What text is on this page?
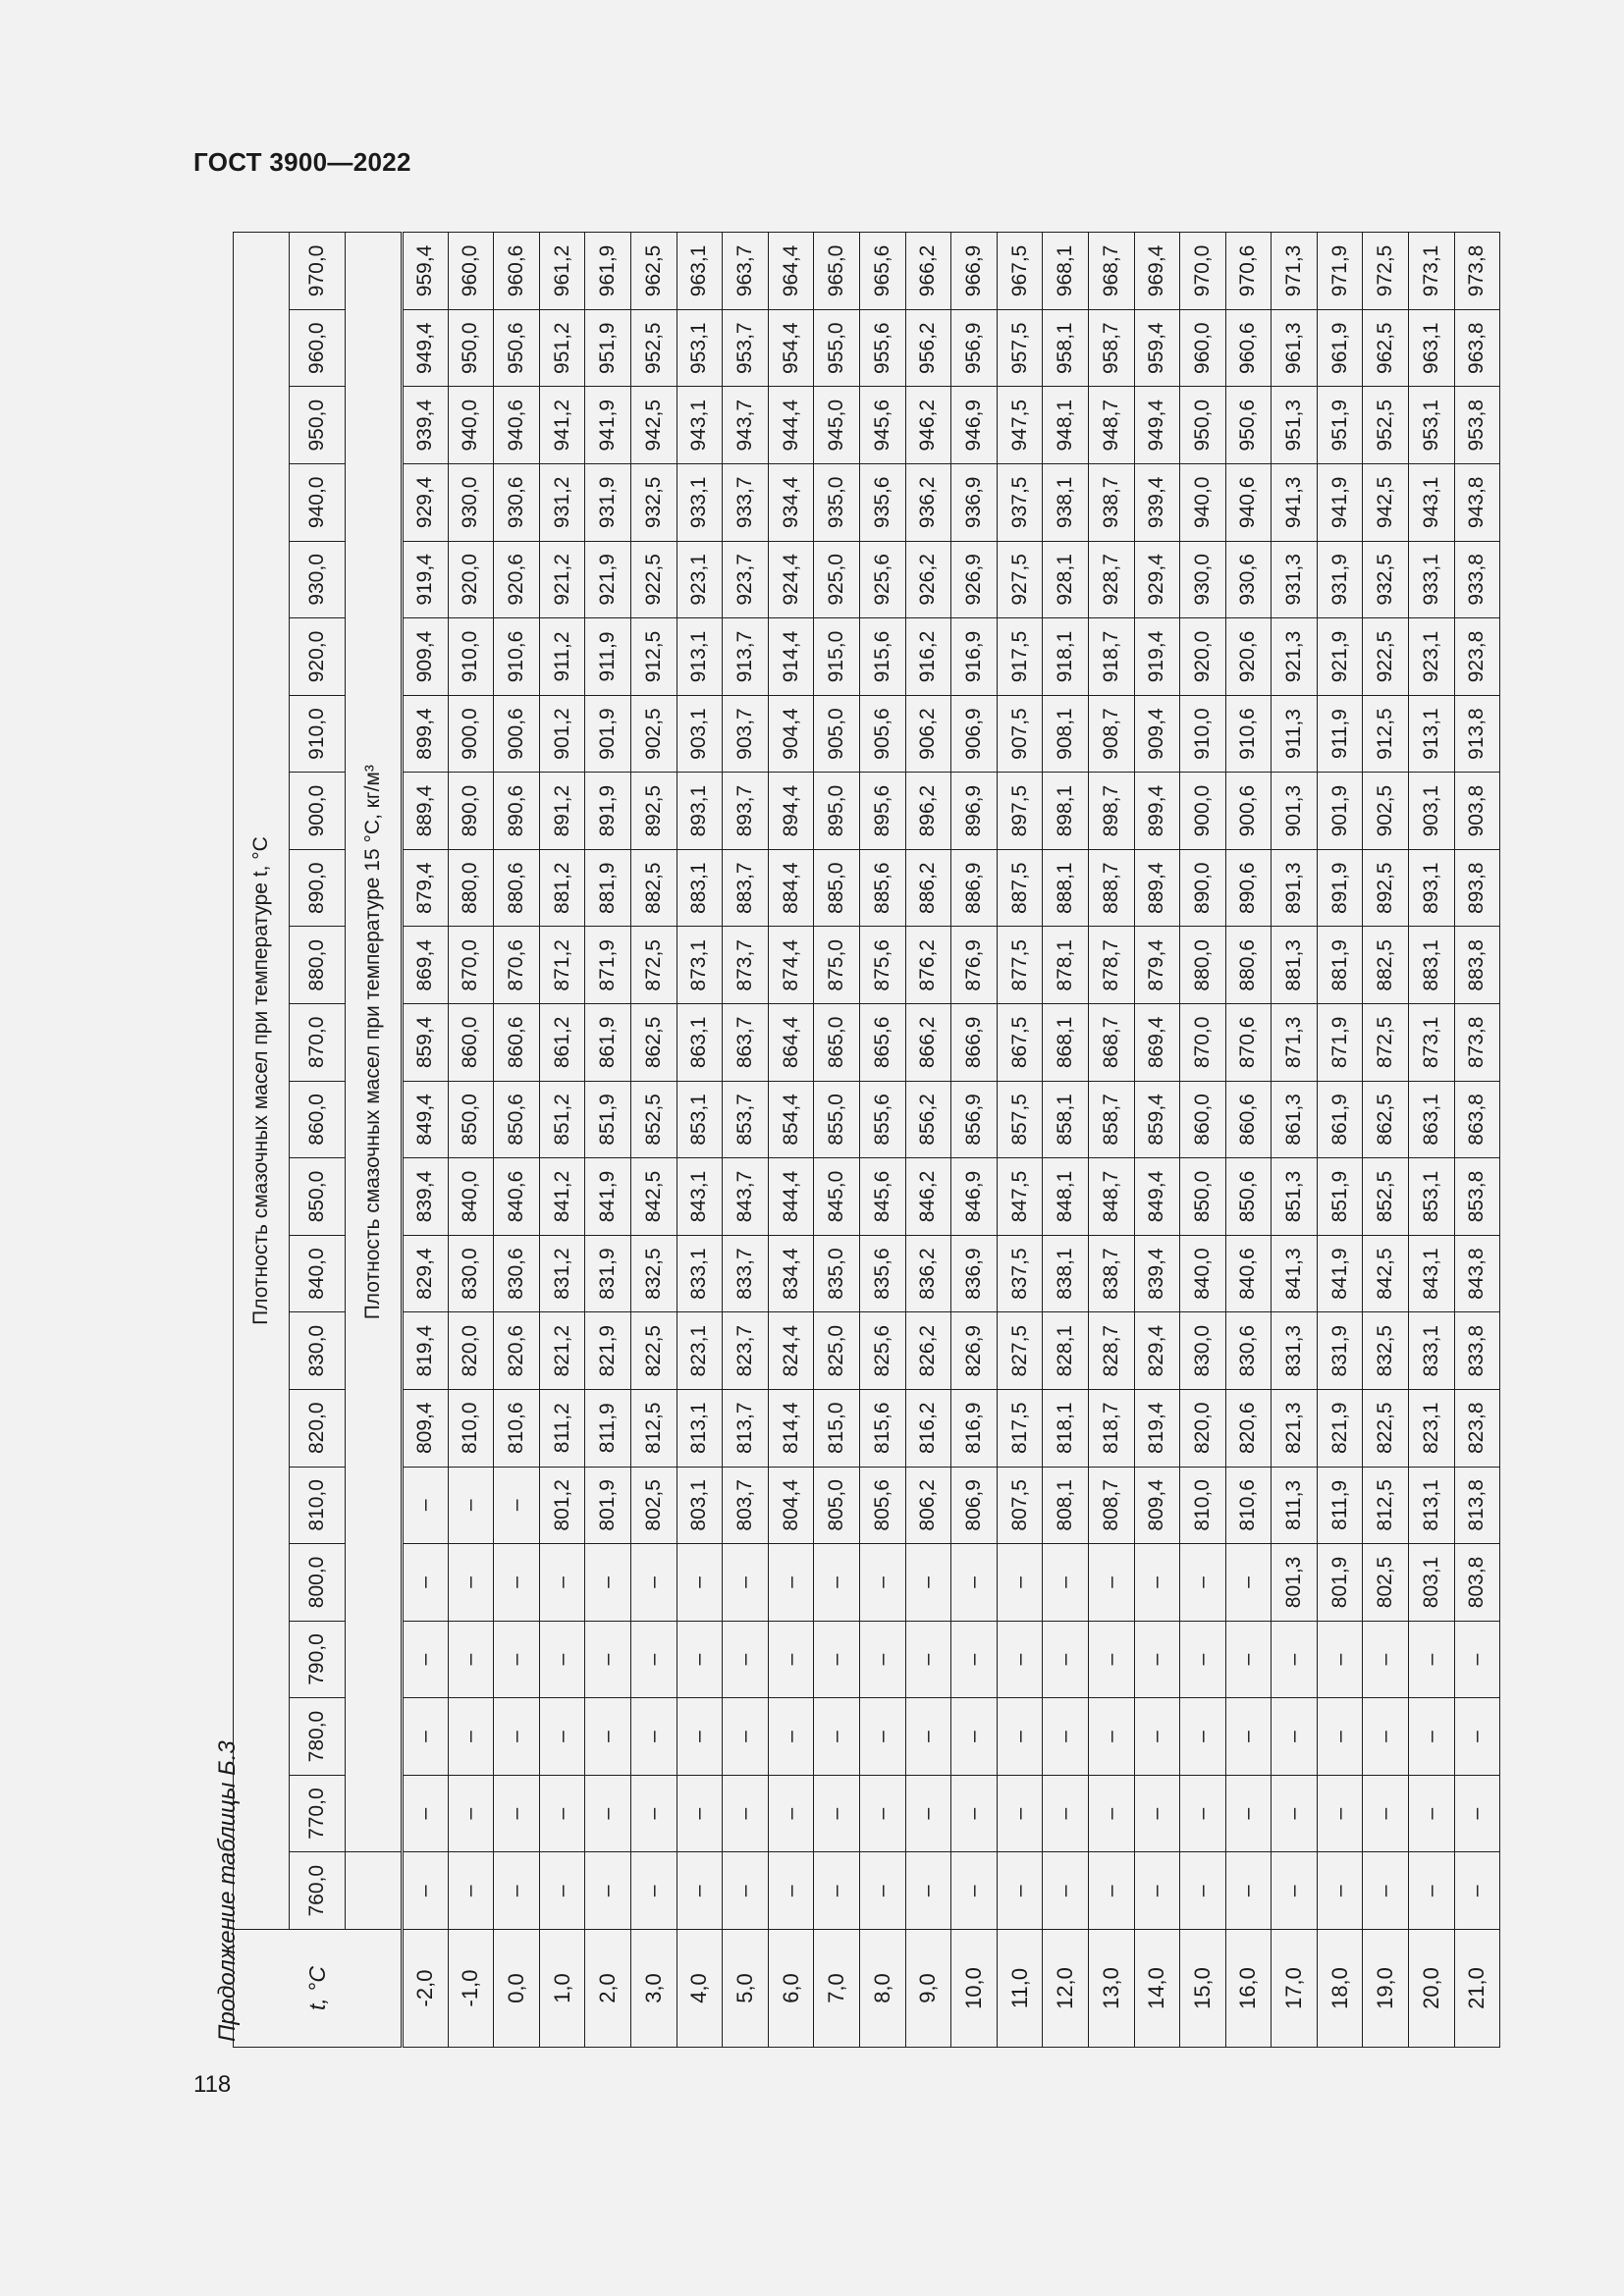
ГОСТ 3900—2022
Продолжение таблицы Б.3	t, °C	Плотность смазочных масел при температуре t, °C																					
	760,0	770,0	780,0	790,0	800,0	810,0	820,0	830,0	840,0	850,0	860,0	870,0	880,0	890,0	900,0	910,0	920,0	930,0	940,0	950,0	960,0	970,0
		Плотность смазочных масел при температуре 15 °C, кг/м³																				
-2,0	–	–	–	–	–	–	809,4	819,4	829,4	839,4	849,4	859,4	869,4	879,4	889,4	899,4	909,4	919,4	929,4	939,4	949,4	959,4
-1,0	–	–	–	–	–	–	810,0	820,0	830,0	840,0	850,0	860,0	870,0	880,0	890,0	900,0	910,0	920,0	930,0	940,0	950,0	960,0
0,0	–	–	–	–	–	–	810,6	820,6	830,6	840,6	850,6	860,6	870,6	880,6	890,6	900,6	910,6	920,6	930,6	940,6	950,6	960,6
1,0	–	–	–	–	–	801,2	811,2	821,2	831,2	841,2	851,2	861,2	871,2	881,2	891,2	901,2	911,2	921,2	931,2	941,2	951,2	961,2
2,0	–	–	–	–	–	801,9	811,9	821,9	831,9	841,9	851,9	861,9	871,9	881,9	891,9	901,9	911,9	921,9	931,9	941,9	951,9	961,9
3,0	–	–	–	–	–	802,5	812,5	822,5	832,5	842,5	852,5	862,5	872,5	882,5	892,5	902,5	912,5	922,5	932,5	942,5	952,5	962,5
4,0	–	–	–	–	–	803,1	813,1	823,1	833,1	843,1	853,1	863,1	873,1	883,1	893,1	903,1	913,1	923,1	933,1	943,1	953,1	963,1
5,0	–	–	–	–	–	803,7	813,7	823,7	833,7	843,7	853,7	863,7	873,7	883,7	893,7	903,7	913,7	923,7	933,7	943,7	953,7	963,7
6,0	–	–	–	–	–	804,4	814,4	824,4	834,4	844,4	854,4	864,4	874,4	884,4	894,4	904,4	914,4	924,4	934,4	944,4	954,4	964,4
7,0	–	–	–	–	–	805,0	815,0	825,0	835,0	845,0	855,0	865,0	875,0	885,0	895,0	905,0	915,0	925,0	935,0	945,0	955,0	965,0
8,0	–	–	–	–	–	805,6	815,6	825,6	835,6	845,6	855,6	865,6	875,6	885,6	895,6	905,6	915,6	925,6	935,6	945,6	955,6	965,6
9,0	–	–	–	–	–	806,2	816,2	826,2	836,2	846,2	856,2	866,2	876,2	886,2	896,2	906,2	916,2	926,2	936,2	946,2	956,2	966,2
10,0	–	–	–	–	–	806,9	816,9	826,9	836,9	846,9	856,9	866,9	876,9	886,9	896,9	906,9	916,9	926,9	936,9	946,9	956,9	966,9
11,0	–	–	–	–	–	807,5	817,5	827,5	837,5	847,5	857,5	867,5	877,5	887,5	897,5	907,5	917,5	927,5	937,5	947,5	957,5	967,5
12,0	–	–	–	–	–	808,1	818,1	828,1	838,1	848,1	858,1	868,1	878,1	888,1	898,1	908,1	918,1	928,1	938,1	948,1	958,1	968,1
13,0	–	–	–	–	–	808,7	818,7	828,7	838,7	848,7	858,7	868,7	878,7	888,7	898,7	908,7	918,7	928,7	938,7	948,7	958,7	968,7
14,0	–	–	–	–	–	809,4	819,4	829,4	839,4	849,4	859,4	869,4	879,4	889,4	899,4	909,4	919,4	929,4	939,4	949,4	959,4	969,4
15,0	–	–	–	–	–	810,0	820,0	830,0	840,0	850,0	860,0	870,0	880,0	890,0	900,0	910,0	920,0	930,0	940,0	950,0	960,0	970,0
16,0	–	–	–	–	–	810,6	820,6	830,6	840,6	850,6	860,6	870,6	880,6	890,6	900,6	910,6	920,6	930,6	940,6	950,6	960,6	970,6
17,0	–	–	–	–	801,3	811,3	821,3	831,3	841,3	851,3	861,3	871,3	881,3	891,3	901,3	911,3	921,3	931,3	941,3	951,3	961,3	971,3
18,0	–	–	–	–	801,9	811,9	821,9	831,9	841,9	851,9	861,9	871,9	881,9	891,9	901,9	911,9	921,9	931,9	941,9	951,9	961,9	971,9
19,0	–	–	–	–	802,5	812,5	822,5	832,5	842,5	852,5	862,5	872,5	882,5	892,5	902,5	912,5	922,5	932,5	942,5	952,5	962,5	972,5
20,0	–	–	–	–	803,1	813,1	823,1	833,1	843,1	853,1	863,1	873,1	883,1	893,1	903,1	913,1	923,1	933,1	943,1	953,1	963,1	973,1
21,0	–	–	–	–	803,8	813,8	823,8	833,8	843,8	853,8	863,8	873,8	883,8	893,8	903,8	913,8	923,8	933,8	943,8	953,8	963,8	973,8
118
